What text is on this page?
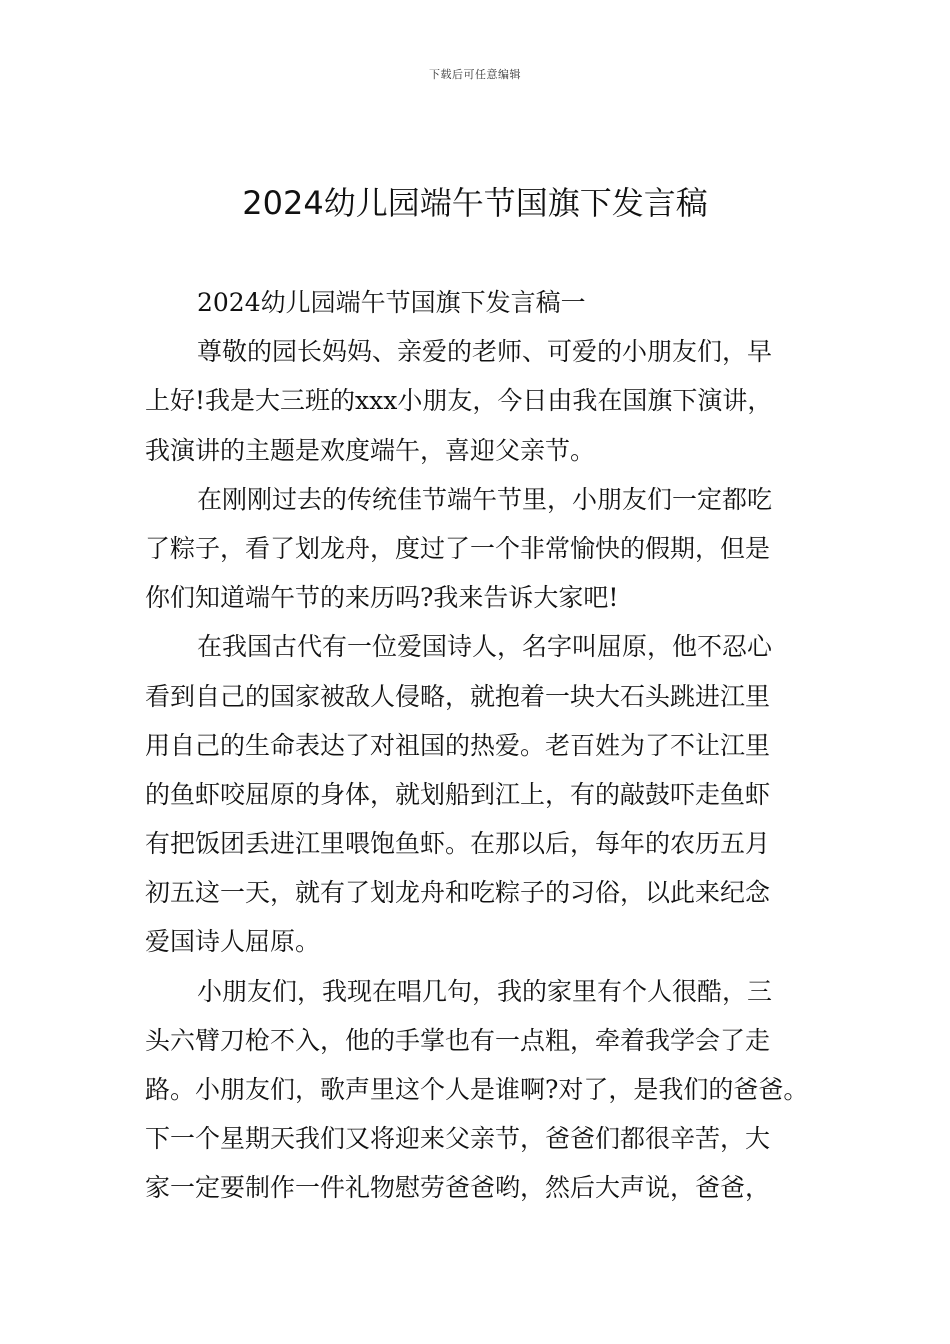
下载后可任意编辑
2024幼儿园端午节国旗下发言稿

2024幼儿园端午节国旗下发言稿一

尊敬的园长妈妈、亲爱的老师、可爱的小朋友们，早

上好!我是大三班的xxx小朋友，今日由我在国旗下演讲，

我演讲的主题是欢度端午，喜迎父亲节。

在刚刚过去的传统佳节端午节里，小朋友们一定都吃

了粽子，看了划龙舟，度过了一个非常愉快的假期，但是

你们知道端午节的来历吗?我来告诉大家吧!

在我国古代有一位爱国诗人，名字叫屈原，他不忍心

看到自己的国家被敌人侵略，就抱着一块大石头跳进江里

用自己的生命表达了对祖国的热爱。老百姓为了不让江里

的鱼虾咬屈原的身体，就划船到江上，有的敲鼓吓走鱼虾

有把饭团丢进江里喂饱鱼虾。在那以后，每年的农历五月

初五这一天，就有了划龙舟和吃粽子的习俗，以此来纪念

爱国诗人屈原。

小朋友们，我现在唱几句，我的家里有个人很酷，三

头六臂刀枪不入，他的手掌也有一点粗，牵着我学会了走

路。小朋友们，歌声里这个人是谁啊?对了，是我们的爸爸。

下一个星期天我们又将迎来父亲节，爸爸们都很辛苦，大

家一定要制作一件礼物慰劳爸爸哟，然后大声说，爸爸，
